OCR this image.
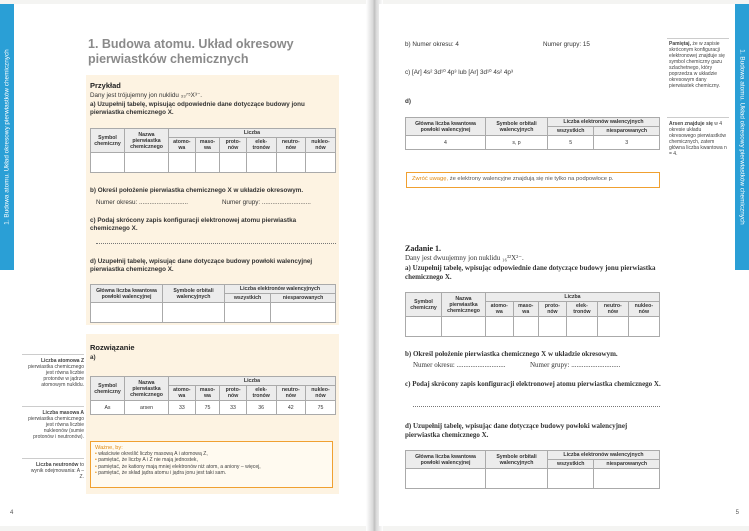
1. Budowa atomu. Układ okresowy pierwiastków chemicznych
1. Budowa atomu. Układ okresowy pierwiastków chemicznych
Przykład
Dany jest trójujemny jon nuklidu ₃₃⁷⁵X³⁻.
a) Uzupełnij tabelę, wpisując odpowiednie dane dotyczące budowy jonu pierwiastka chemicznego X.
Symbol chemiczny	Nazwa pierwiastka chemicznego	Liczba					
		atomo-wa	maso-wa	proto-nów	elek-tronów	neutro-nów	nukleo-nów

b) Określ położenie pierwiastka chemicznego X w układzie okresowym.
Numer okresu: ............................	Numer grupy: ............................
c) Podaj skrócony zapis konfiguracji elektronowej atomu pierwiastka chemicznego X.
d) Uzupełnij tabelę, wpisując dane dotyczące budowy powłoki walencyjnej pierwiastka chemicznego X.
Główna liczba kwantowa powłoki walencyjnej	Symbole orbitali walencyjnych	Liczba elektronów walencyjnych	
		wszystkich	niesparowanych

Rozwiązanie
a)
Symbol chemiczny	Nazwa pierwiastka chemicznego	Liczba					
		atomo-wa	maso-wa	proto-nów	elek-tronów	neutro-nów	nukleo-nów
As	arsen	33	75	33	36	42	75
Ważne, by:
• właściwie określić liczby masową A i atomową Z,
• pamiętać, że liczby A i Z nie mają jednostek,
• pamiętać, że kationy mają mniej elektronów niż atom, a aniony – więcej,
• pamiętać, że skład jądra atomu i jądra jonu jest taki sam.
Liczba atomowa Z pierwiastka chemicznego jest równa liczbie protonów w jądrze atomowym nuklidu.
Liczba masowa A pierwiastka chemicznego jest równa liczbie nukleonów (sumie protonów i neutronów).
Liczba neutronów to wynik odejmowania: A – Z.
4
1. Budowa atomu. Układ okresowy pierwiastków chemicznych
5
b) Numer okresu: 4	Numer grupy: 15
c) [Ar] 4s² 3d¹⁰ 4p³ lub [Ar] 3d¹⁰ 4s² 4p³
d)
Główna liczba kwantowa powłoki walencyjnej	Symbole orbitali walencyjnych	Liczba elektronów walencyjnych	
		wszystkich	niesparowanych
4	s, p	5	3
Zwróć uwagę, że elektrony walencyjne znajdują się nie tylko na podpowłoce p.
Pamiętaj, że w zapisie skróconym konfiguracji elektronowej znajduje się symbol chemiczny gazu szlachetnego, który poprzedza w układzie okresowym dany pierwiastek chemiczny.
Arsen znajduje się w 4 okresie układu okresowego pierwiastków chemicznych, zatem główna liczba kwantowa n = 4.
Zadanie 1.
Dany jest dwuujemny jon nuklidu ₁₆³²X²⁻.
a) Uzupełnij tabelę, wpisując odpowiednie dane dotyczące budowy jonu pierwiastka chemicznego X.
Symbol chemiczny	Nazwa pierwiastka chemicznego	Liczba					
		atomo-wa	maso-wa	proto-nów	elek-tronów	neutro-nów	nukleo-nów

b) Określ położenie pierwiastka chemicznego X w układzie okresowym.
Numer okresu: ............................	Numer grupy: ............................
c) Podaj skrócony zapis konfiguracji elektronowej atomu pierwiastka chemicznego X.
d) Uzupełnij tabelę, wpisując dane dotyczące budowy powłoki walencyjnej pierwiastka chemicznego X.
Główna liczba kwantowa powłoki walencyjnej	Symbole orbitali walencyjnych	Liczba elektronów walencyjnych	
		wszystkich	niesparowanych
